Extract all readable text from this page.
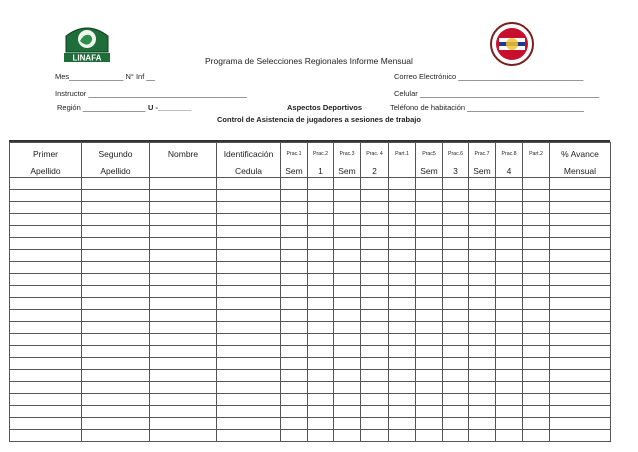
LINAFA	Programa de Selecciones Regionales Informe Mensual
Mes_____________ N° Inf __	Correo Electrónico ______________________________
Instructor ______________________________________	Celular ___________________________________________
Región _______________ U -________	Aspectos Deportivos	Teléfono de habitación ____________________________
Control de Asistencia de jugadores a sesiones de trabajo
Primer	Segundo	Nombre	Identificación	Prac.1	Prac.2	Prac.3	Prac. 4	Part.1	Prac5	Prac.6	Prac.7	Prac.8	Part.2	% Avance
Apellido	Apellido		Cedula	Sem	1	Sem	2		Sem	3	Sem	4		Mensual
